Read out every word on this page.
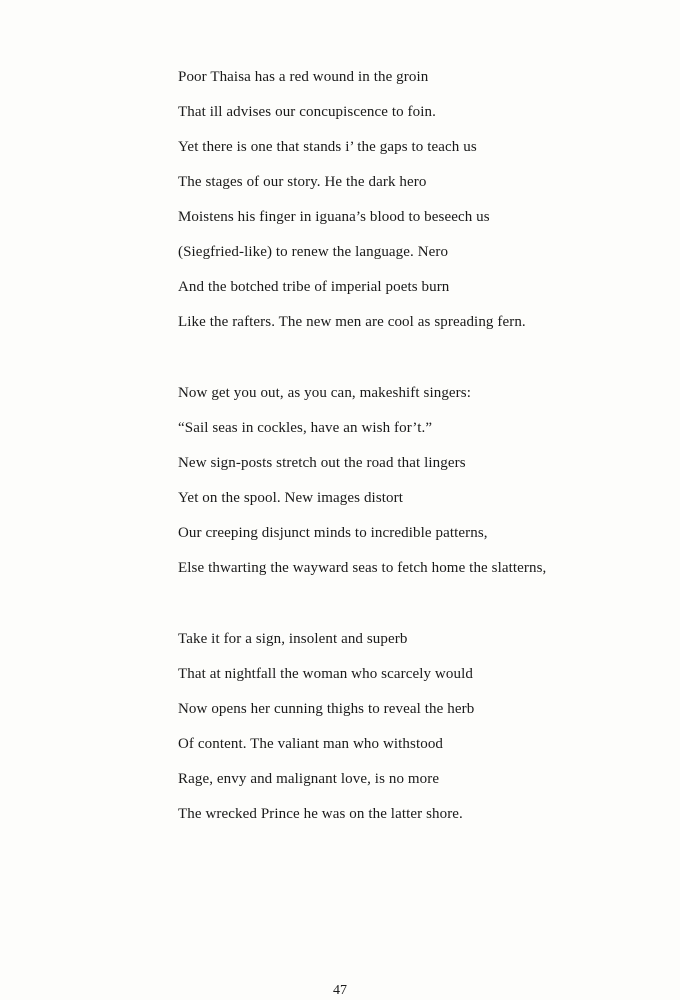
Poor Thaisa has a red wound in the groin
That ill advises our concupiscence to foin.
Yet there is one that stands i’ the gaps to teach us
The stages of our story. He the dark hero
Moistens his finger in iguana’s blood to beseech us
(Siegfried-like) to renew the language. Nero
And the botched tribe of imperial poets burn
Like the rafters. The new men are cool as spreading fern.
Now get you out, as you can, makeshift singers:
“Sail seas in cockles, have an wish for’t.”
New sign-posts stretch out the road that lingers
Yet on the spool. New images distort
Our creeping disjunct minds to incredible patterns,
Else thwarting the wayward seas to fetch home the slatterns,
Take it for a sign, insolent and superb
That at nightfall the woman who scarcely would
Now opens her cunning thighs to reveal the herb
Of content. The valiant man who withstood
Rage, envy and malignant love, is no more
The wrecked Prince he was on the latter shore.
47
